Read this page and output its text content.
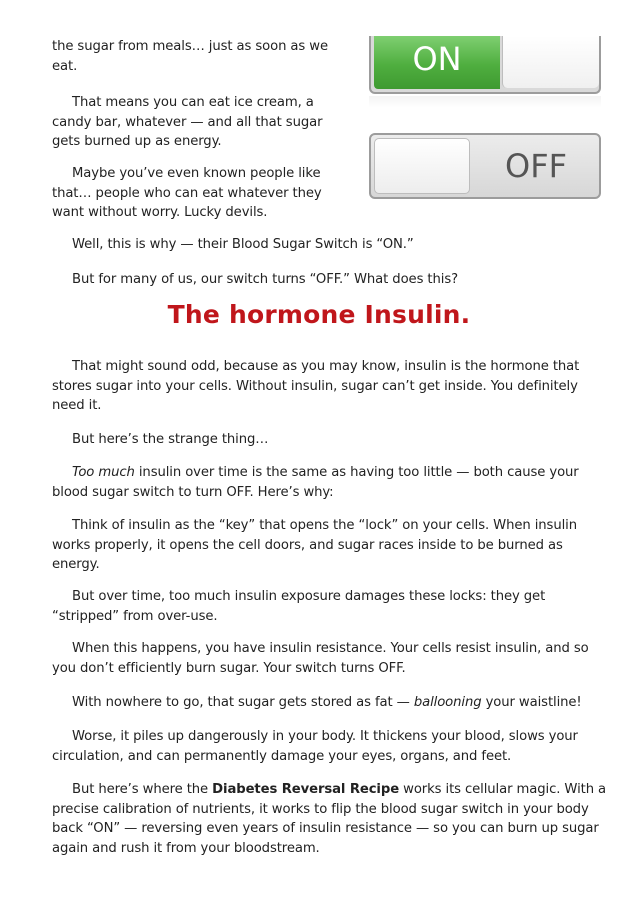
ON
OFF

the sugar from meals… just as soon as we eat.

That means you can eat ice cream, a candy bar, whatever — and all that sugar gets burned up as energy.

Maybe you’ve even known people like that… people who can eat whatever they want without worry. Lucky devils.

Well, this is why — their Blood Sugar Switch is “ON.”

But for many of us, our switch turns “OFF.” What does this?

The hormone Insulin.

That might sound odd, because as you may know, insulin is the hormone that stores sugar into your cells. Without insulin, sugar can’t get inside. You definitely need it.

But here’s the strange thing…

Too much insulin over time is the same as having too little — both cause your blood sugar switch to turn OFF. Here’s why:

Think of insulin as the “key” that opens the “lock” on your cells. When insulin works properly, it opens the cell doors, and sugar races inside to be burned as energy.

But over time, too much insulin exposure damages these locks: they get “stripped” from over-use.

When this happens, you have insulin resistance. Your cells resist insulin, and so you don’t efficiently burn sugar. Your switch turns OFF.

With nowhere to go, that sugar gets stored as fat — ballooning your waistline!

Worse, it piles up dangerously in your body. It thickens your blood, slows your circulation, and can permanently damage your eyes, organs, and feet.

But here’s where the Diabetes Reversal Recipe works its cellular magic. With a precise calibration of nutrients, it works to flip the blood sugar switch in your body back “ON” — reversing even years of insulin resistance — so you can burn up sugar again and rush it from your bloodstream.
